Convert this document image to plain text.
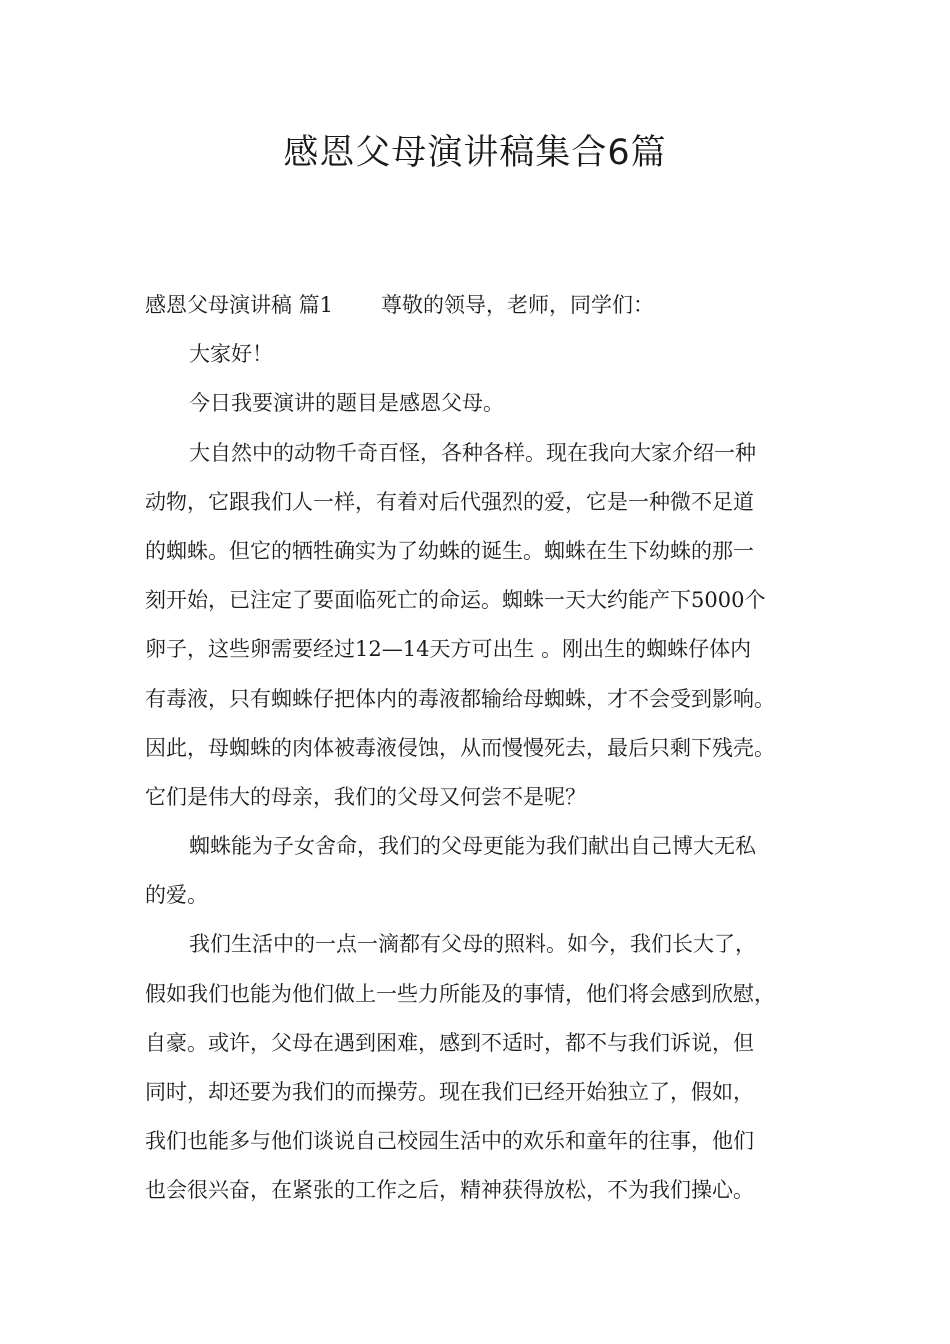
感恩父母演讲稿集合6篇
感恩父母演讲稿 篇1 尊敬的领导，老师，同学们：
大家好！
今日我要演讲的题目是感恩父母。
大自然中的动物千奇百怪，各种各样。现在我向大家介绍一种
动物，它跟我们人一样，有着对后代强烈的爱，它是一种微不足道
的蜘蛛。但它的牺牲确实为了幼蛛的诞生。蜘蛛在生下幼蛛的那一
刻开始，已注定了要面临死亡的命运。蜘蛛一天大约能产下5000个
卵子，这些卵需要经过12—14天方可出生 。刚出生的蜘蛛仔体内
有毒液，只有蜘蛛仔把体内的毒液都输给母蜘蛛，才不会受到影响。
因此，母蜘蛛的肉体被毒液侵蚀，从而慢慢死去，最后只剩下残壳。
它们是伟大的母亲，我们的父母又何尝不是呢？
蜘蛛能为子女舍命，我们的父母更能为我们献出自己博大无私
的爱。
我们生活中的一点一滴都有父母的照料。如今，我们长大了，
假如我们也能为他们做上一些力所能及的事情，他们将会感到欣慰，
自豪。或许，父母在遇到困难，感到不适时，都不与我们诉说，但
同时，却还要为我们的而操劳。现在我们已经开始独立了，假如，
我们也能多与他们谈说自己校园生活中的欢乐和童年的往事，他们
也会很兴奋，在紧张的工作之后，精神获得放松，不为我们操心。
